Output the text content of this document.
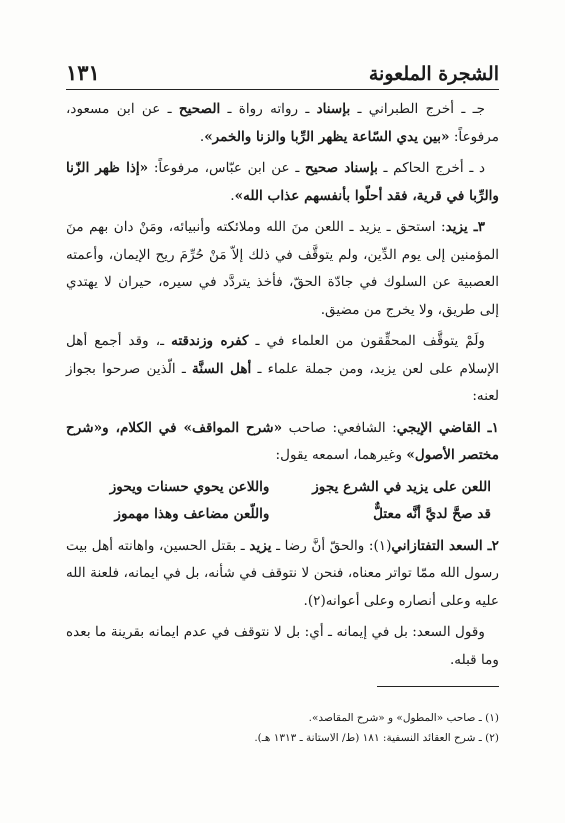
الشجرة الملعونة
١٣١

جـ ـ أخرج الطبراني ـ بإسناد ـ رواته رواة ـ الصحيح ـ عن ابن مسعود، مرفوعاً: «بين يدي السّاعة يظهر الرِّبا والزنا والخمر».

د ـ أخرج الحاكم ـ بإسناد صحيح ـ عن ابن عبّاس، مرفوعاً: «إذا ظهر الزّنا والرِّبا في قرية، فقد أحلّوا بأنفسهم عذاب الله».

٣ـ يزيد: استحق ـ يزيد ـ اللعن منَ الله وملائكته وأنبيائه، ومَنْ دان بهم منَ المؤمنين إلى يوم الدِّين، ولم يتوقَّف في ذلك إلاّ مَنْ حُرِّمَ ريح الإيمان، وأعمته العصبية عن السلوك في جادّة الحقّ، فأخذ يتردَّد في سيره، حيران لا يهتدي إلى طريق، ولا يخرج من مضيق.

ولَمْ يتوقَّف المحقِّقون من العلماء في ـ كفره وزندقته ـ، وقد أجمع أهل الإسلام على لعن يزيد، ومن جملة علماء ـ أهل السنَّة ـ الّذين صرحوا بجواز لعنه:

١ـ القاضي الإيجي: الشافعي: صاحب «شرح المواقف» في الكلام، و«شرح مختصر الأصول» وغيرهما، اسمعه يقول:

اللعن على يزيد في الشرع يجوز
واللاعن يحوي حسنات ويحوز
قد صحَّ لديَّ أنَّه معتلٌّ
واللّعن مضاعف وهذا مهموز

٢ـ السعد التفتازاني(١): والحقّ أنَّ رضا ـ يزيد ـ بقتل الحسين، واهانته أهل بيت رسول الله ممّا تواتر معناه، فنحن لا نتوقف في شأنه، بل في ايمانه، فلعنة الله عليه وعلى أنصاره وعلى أعوانه(٢).

وقول السعد: بل في إيمانه ـ أي: بل لا نتوقف في عدم ايمانه بقرينة ما بعده وما قبله.

(١) ـ صاحب «المطول» و «شرح المقاصد».
(٢) ـ شرح العقائد النسفية: ١٨١ (ط/ الاستانة ـ ١٣١٣ هـ).
